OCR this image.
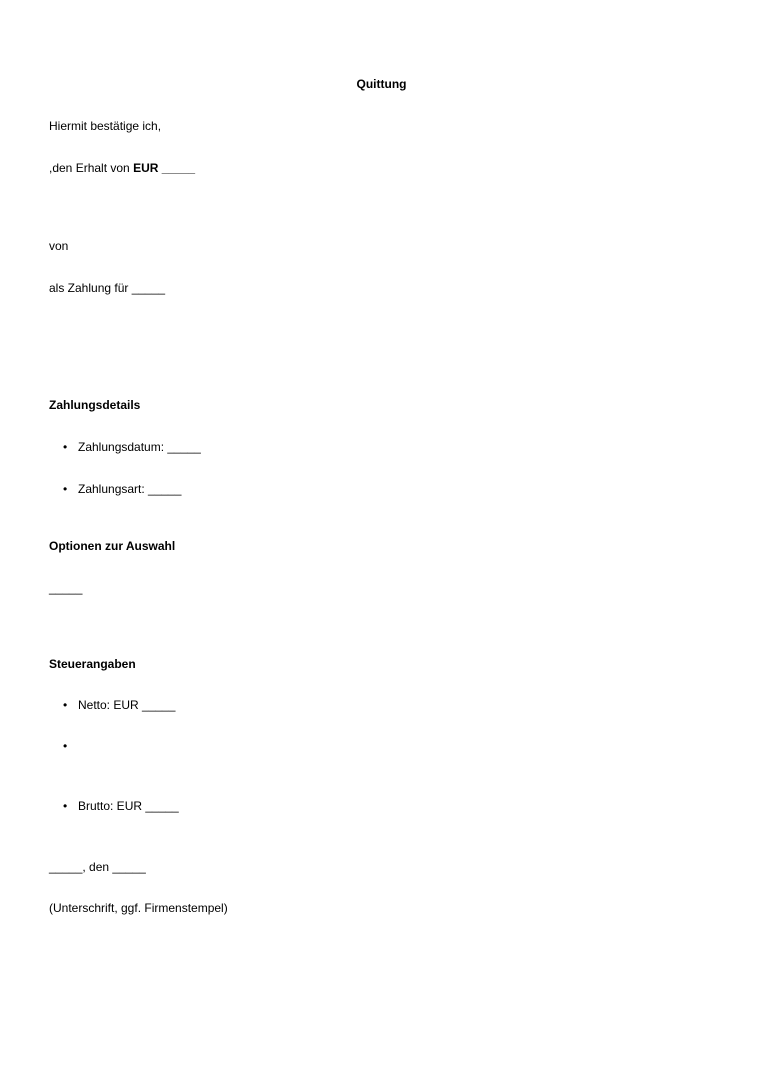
Quittung
Hiermit bestätige ich,
,den Erhalt von EUR _____
von
als Zahlung für _____
Zahlungsdetails
• Zahlungsdatum: _____
• Zahlungsart: _____
Optionen zur Auswahl
_____
Steuerangaben
• Netto: EUR _____
•
• Brutto: EUR _____
_____, den _____
(Unterschrift, ggf. Firmenstempel)
